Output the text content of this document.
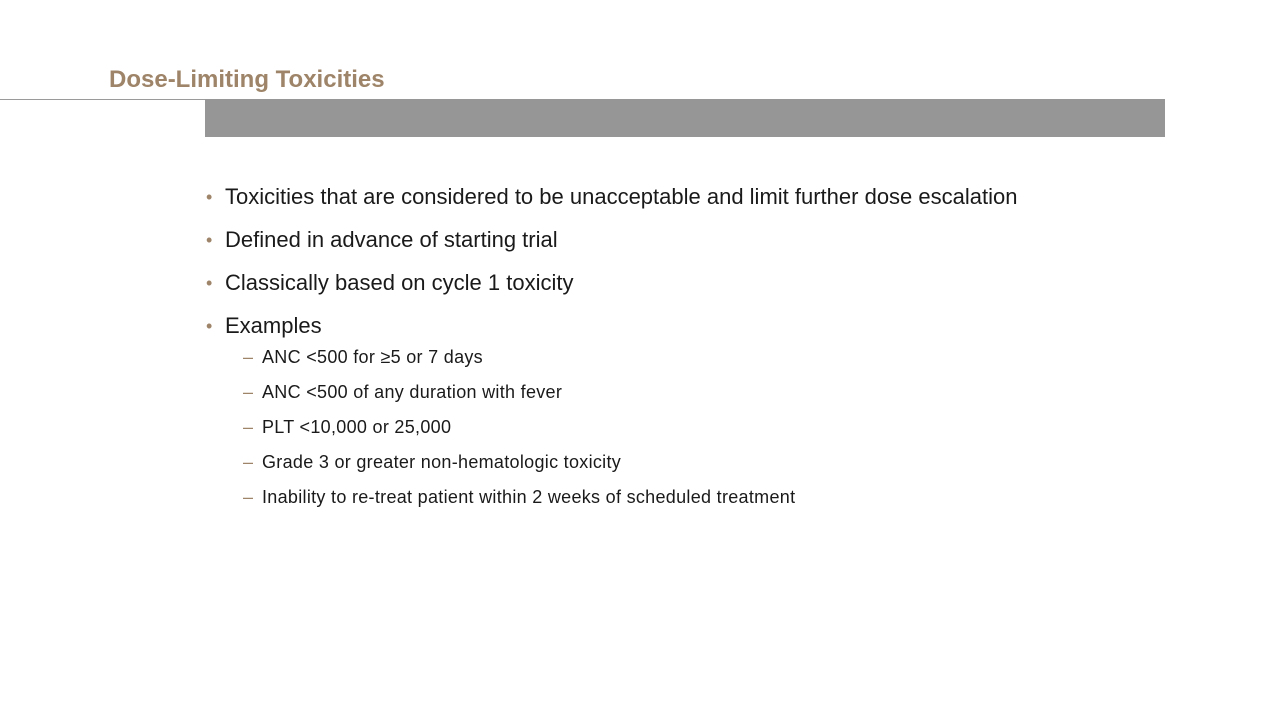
Dose-Limiting Toxicities
• Toxicities that are considered to be unacceptable and limit further dose escalation
• Defined in advance of starting trial
• Classically based on cycle 1 toxicity
• Examples
– ANC <500 for ≥5 or 7 days
– ANC <500 of any duration with fever
– PLT <10,000 or 25,000
– Grade 3 or greater non-hematologic toxicity
– Inability to re-treat patient within 2 weeks of scheduled treatment
